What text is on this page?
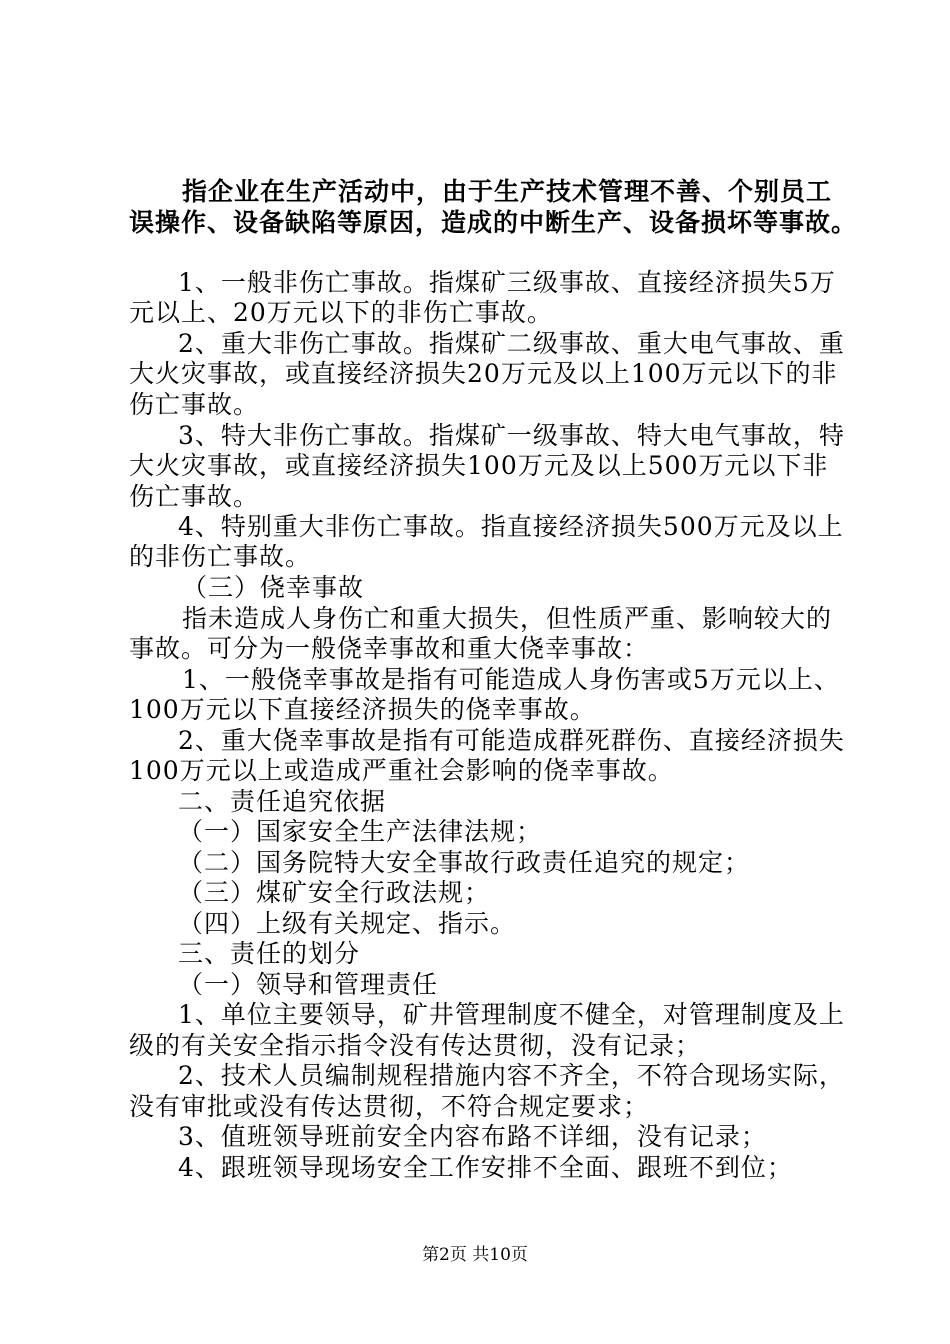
指企业在生产活动中，由于生产技术管理不善、个别员工
误操作、设备缺陷等原因，造成的中断生产、设备损坏等事故。
1、一般非伤亡事故。指煤矿三级事故、直接经济损失5万
元以上、20万元以下的非伤亡事故。
2、重大非伤亡事故。指煤矿二级事故、重大电气事故、重
大火灾事故，或直接经济损失20万元及以上100万元以下的非
伤亡事故。
3、特大非伤亡事故。指煤矿一级事故、特大电气事故，特
大火灾事故，或直接经济损失100万元及以上500万元以下非
伤亡事故。
4、特别重大非伤亡事故。指直接经济损失500万元及以上
的非伤亡事故。
（三）侥幸事故
指未造成人身伤亡和重大损失，但性质严重、影响较大的
事故。可分为一般侥幸事故和重大侥幸事故：
1、一般侥幸事故是指有可能造成人身伤害或5万元以上、
100万元以下直接经济损失的侥幸事故。
2、重大侥幸事故是指有可能造成群死群伤、直接经济损失
100万元以上或造成严重社会影响的侥幸事故。
二、责任追究依据
（一）国家安全生产法律法规；
（二）国务院特大安全事故行政责任追究的规定；
（三）煤矿安全行政法规；
（四）上级有关规定、指示。
三、责任的划分
（一）领导和管理责任
1、单位主要领导，矿井管理制度不健全，对管理制度及上
级的有关安全指示指令没有传达贯彻，没有记录；
2、技术人员编制规程措施内容不齐全，不符合现场实际，
没有审批或没有传达贯彻，不符合规定要求；
3、值班领导班前安全内容布路不详细，没有记录；
4、跟班领导现场安全工作安排不全面、跟班不到位；
第2页 共10页
